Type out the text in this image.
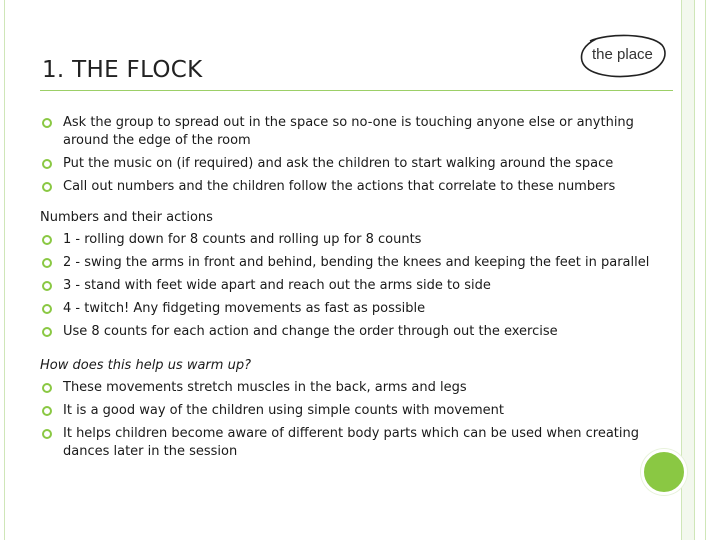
1. THE FLOCK
the place
Ask the group to spread out in the space so no-one is touching anyone else or anything around the edge of the room
Put the music on (if required) and ask the children to start walking around the space
Call out numbers and the children follow the actions that correlate to these numbers
Numbers and their actions
1 - rolling down for 8 counts and rolling up for 8 counts
2 - swing the arms in front and behind, bending the knees and keeping the feet in parallel
3 - stand with feet wide apart and reach out the arms side to side
4 - twitch! Any fidgeting movements as fast as possible
Use 8 counts for each action and change the order through out the exercise
How does this help us warm up?
These movements stretch muscles in the back, arms and legs
It is a good way of the children using simple counts with movement
It helps children become aware of different body parts which can be used when creating dances later in the session
